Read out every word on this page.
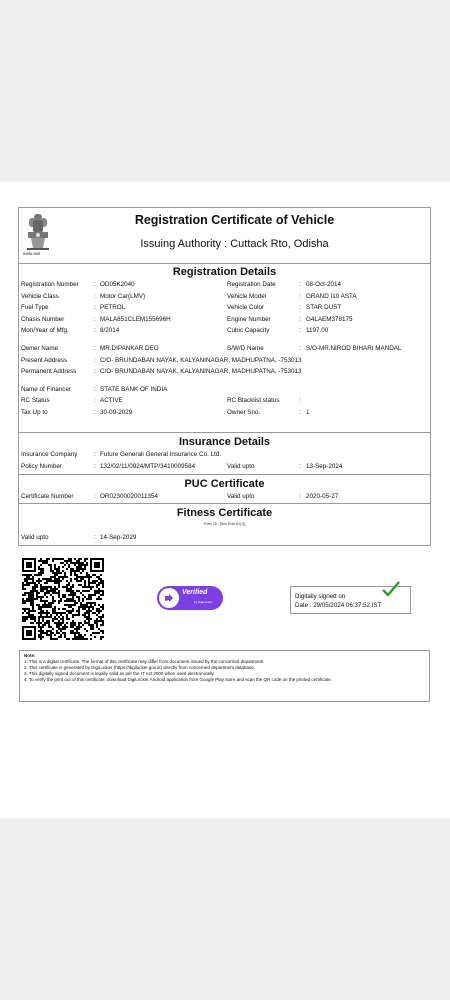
सत्यमेव जयते
Registration Certificate of Vehicle
Issuing Authority : Cuttack Rto, Odisha
Registration Details
Registration Number : OD05K2040	Registration Date	: 08-Oct-2014
Vehicle Class	: Motor Car(LMV)	Vehicle Model	: GRAND I10 ASTA
Fuel Type	: PETROL	Vehicle Color	: STAR DUST
Chasis Number	: MALA851CLEM155696H	Engine Number	: G4LAEM378175
Mon/Year of Mfg.	: 8/2014	Cubic Capacity	: 1197.00
Owner Name	: MR.DIPANKAR DEO	S/W/D Name	: S/O-MR.NIROD BIHARI MANDAL
Present Address	: C/O- BRUNDABAN NAYAK, KALYANINAGAR, MADHUPATNA, -753013
Permanent Address	: C/O- BRUNDABAN NAYAK, KALYANINAGAR, MADHUPATNA, -753013
Name of Financer	: STATE BANK OF INDIA
RC Status	: ACTIVE	RC Blacklist status	:
Tax Up to	: 30-09-2029	Owner Sno.	: 1
Insurance Details
Insurance Company	: Future Generali General Insurance Co. Ltd.
Policy Number	: 132/02/11/0924/MTP/3410009584	Valid upto	: 13-Sep-2024
PUC Certificate
Certificate Number	: OR02300020011354	Valid upto	: 2020-05-27
Fitness Certificate
Form 25 - [See Rule 62(1)]
Valid upto	: 14-Sep-2029
Verified
by DigiLocker
Digitally signed on
Date : 29/05/2024 06:37:52 IST
Note:
1. This is a digital certificate. The format of this certificate may differ from document issued by the concerned department.
2. This certificate is generated by DigiLocker (https://digilocker.gov.in) directly from concerned department database.
3. This digitally signed document is legally valid as per the IT Act 2000 when used electronically.
4. To verify the print out of this certificate, download DigiLocker Android application from Google Play store and scan the QR code on the printed certificate.
